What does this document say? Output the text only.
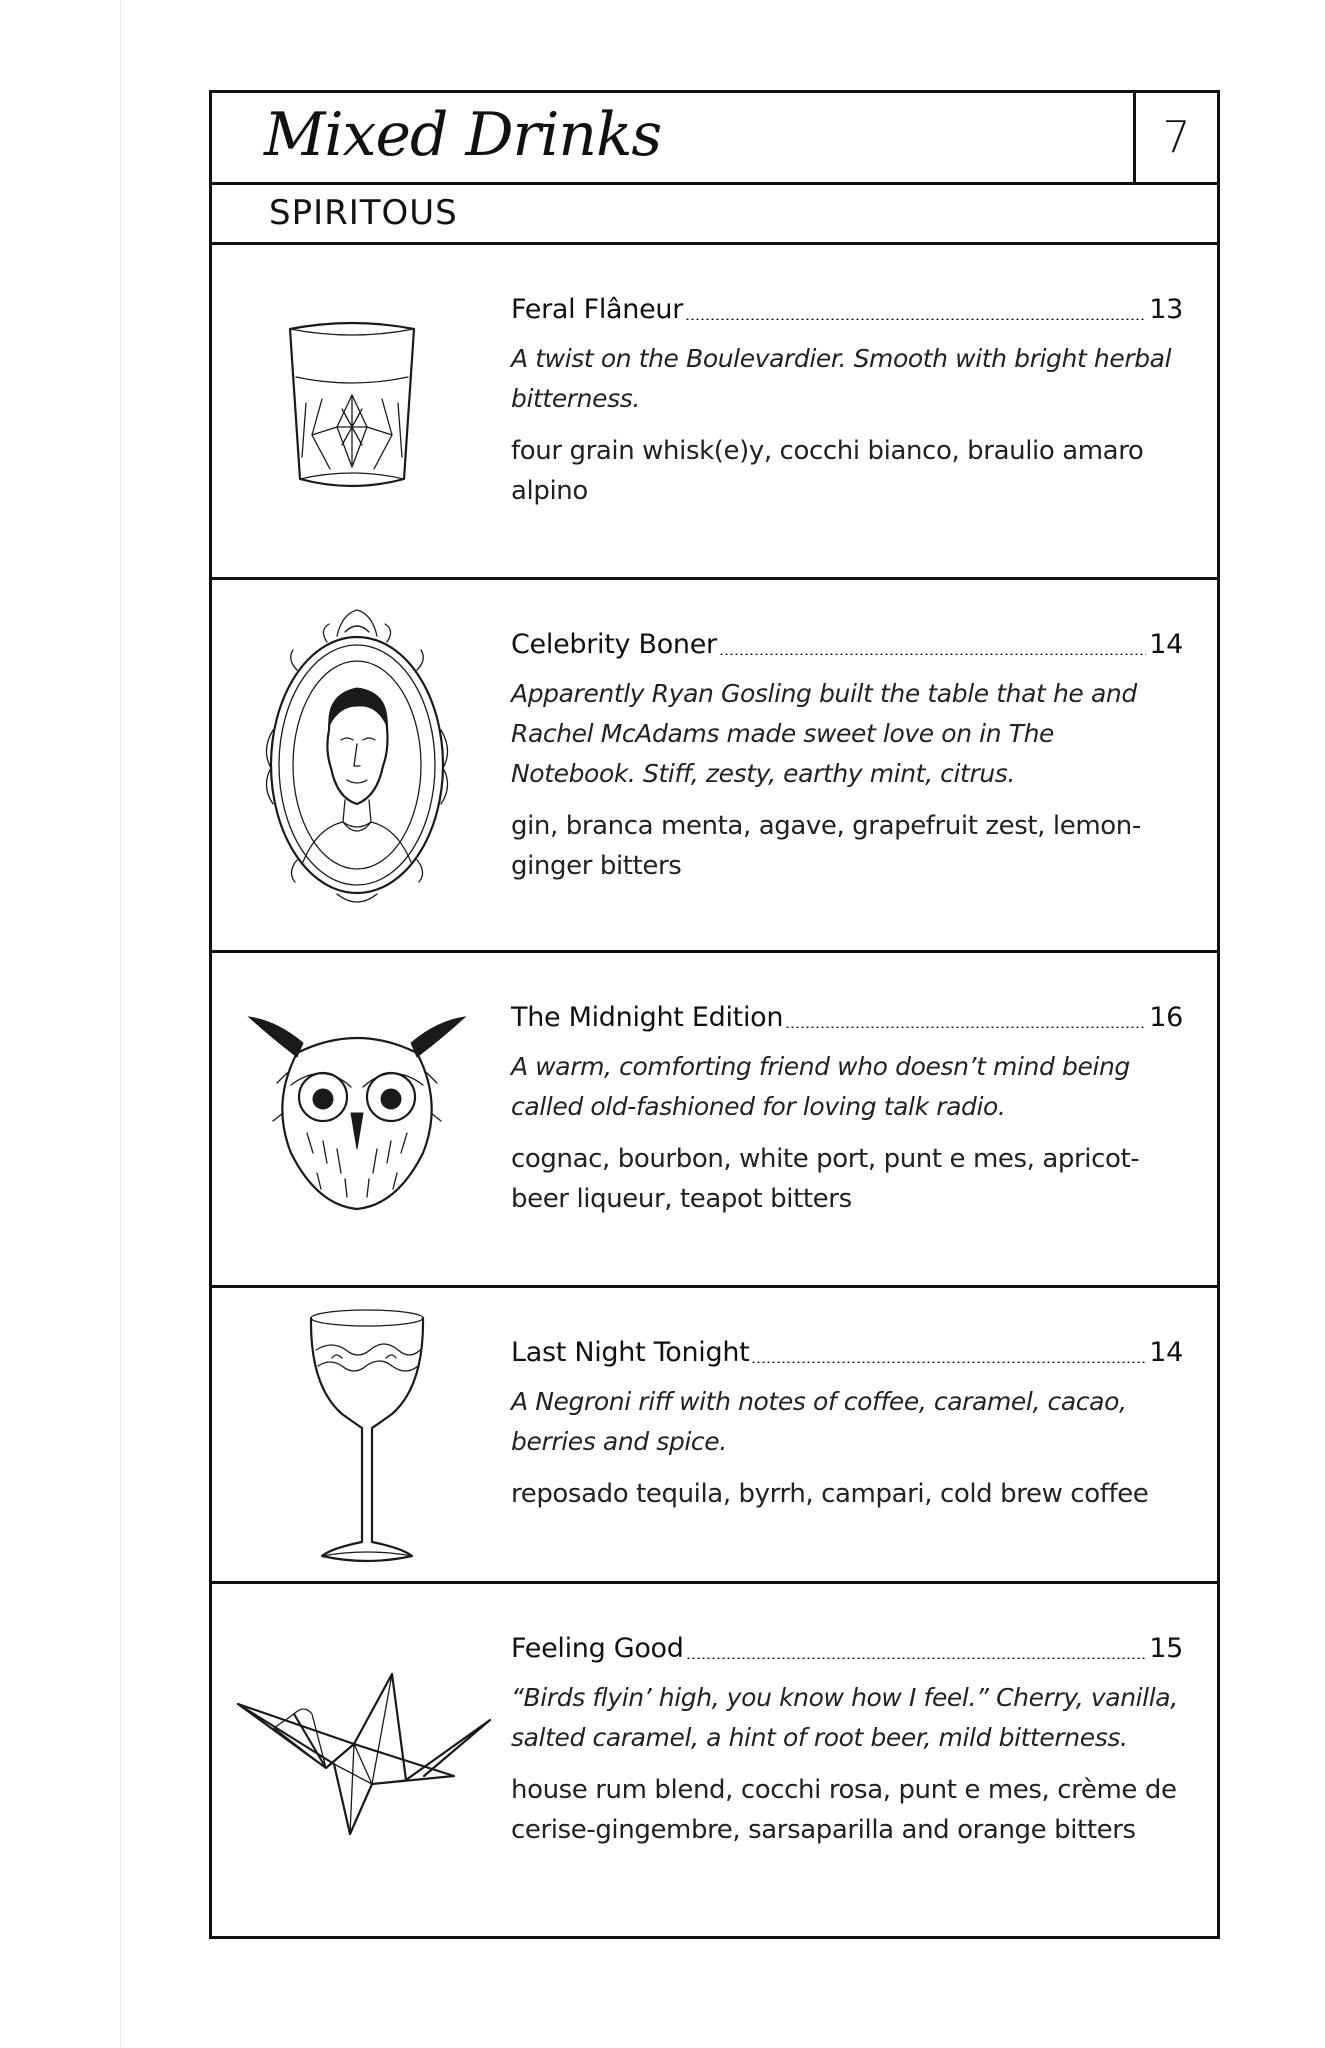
Mixed Drinks	7
SPIRITOUS
Feral Flâneur	13

A twist on the Boulevardier. Smooth with bright herbal bitterness.

four grain whisk(e)y, cocchi bianco, braulio amaro alpino

Celebrity Boner	14

Apparently Ryan Gosling built the table that he and Rachel McAdams made sweet love on in The Notebook. Stiff, zesty, earthy mint, citrus.

gin, branca menta, agave, grapefruit zest, lemon-ginger bitters

The Midnight Edition	16

A warm, comforting friend who doesn’t mind being called old-fashioned for loving talk radio.

cognac, bourbon, white port, punt e mes, apricot-beer liqueur, teapot bitters

Last Night Tonight	14

A Negroni riff with notes of coffee, caramel, cacao, berries and spice.

reposado tequila, byrrh, campari, cold brew coffee

Feeling Good	15

“Birds flyin’ high, you know how I feel.” Cherry, vanilla, salted caramel, a hint of root beer, mild bitterness.

house rum blend, cocchi rosa, punt e mes, crème de cerise-gingembre, sarsaparilla and orange bitters
